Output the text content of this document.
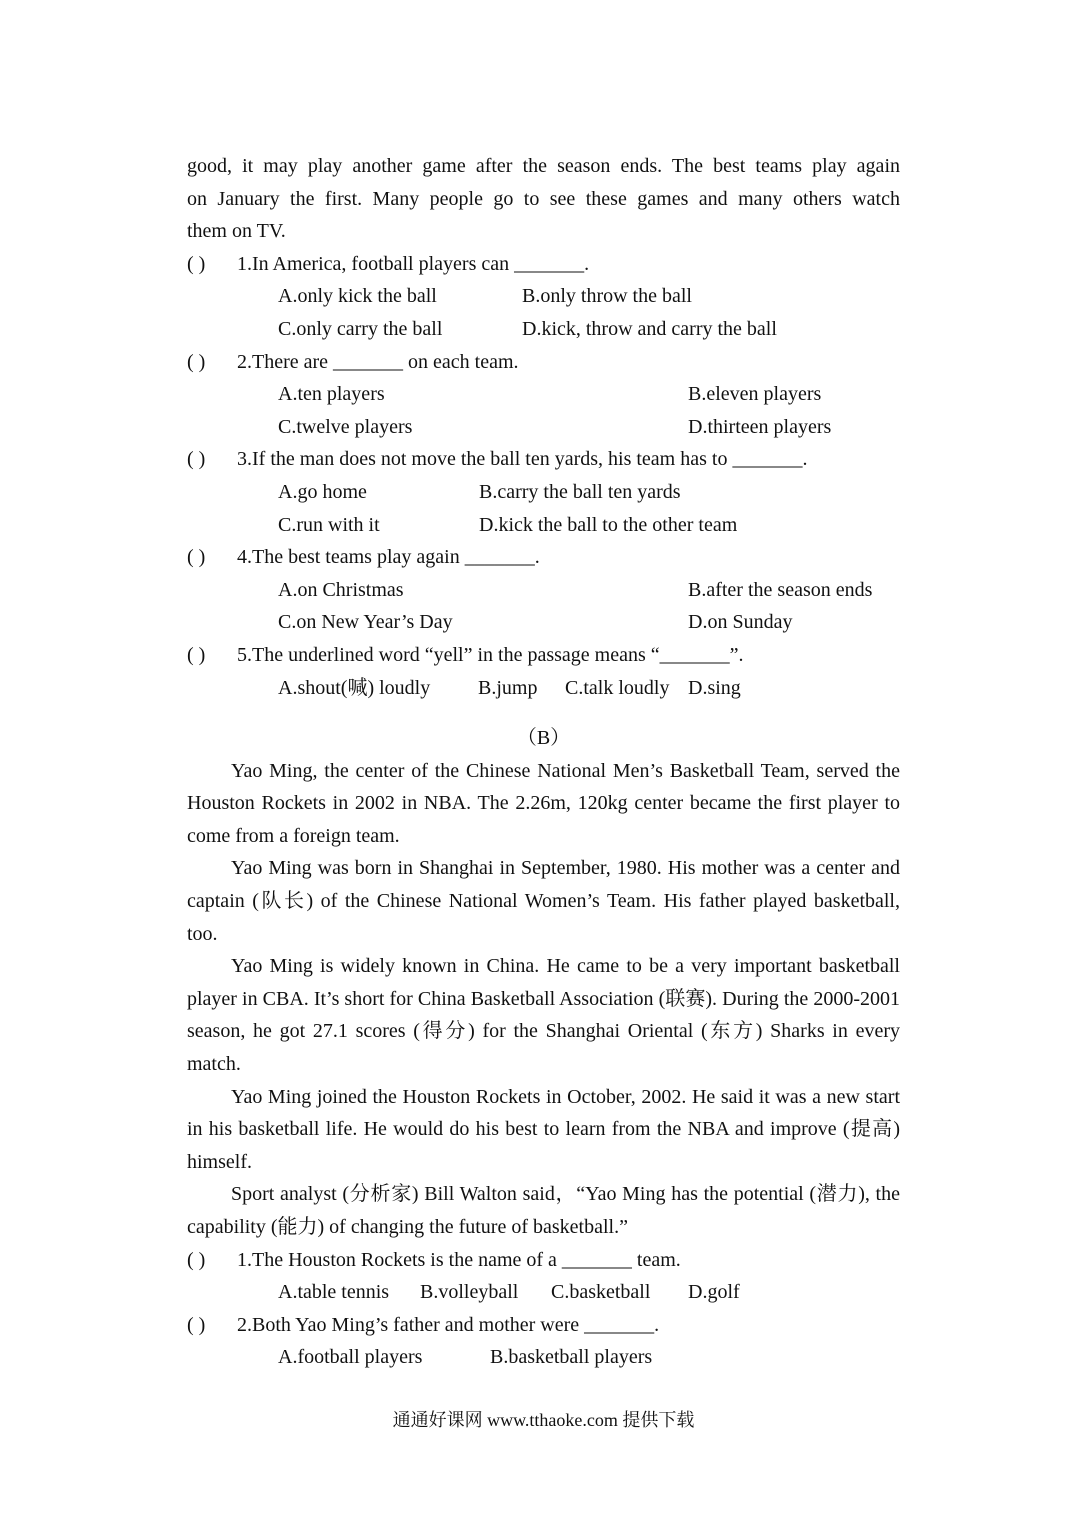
good, it may play another game after the season ends. The best teams play again

on January the first. Many people go to see these games and many others watch

them on TV.

( ) 1.In America, football players can _______.
A.only kick the ball	B.only throw the ball
C.only carry the ball	D.kick, throw and carry the ball
( ) 2.There are _______ on each team.
A.ten players	B.eleven players
C.twelve players	D.thirteen players
( ) 3.If the man does not move the ball ten yards, his team has to _______.
A.go home	B.carry the ball ten yards
C.run with it	D.kick the ball to the other team
( ) 4.The best teams play again _______.
A.on Christmas	B.after the season ends
C.on New Year’s Day	D.on Sunday
( ) 5.The underlined word “yell” in the passage means “_______”.
A.shout(喊) loudly B.jump C.talk loudly D.sing
（B）

Yao Ming, the center of the Chinese National Men’s Basketball Team, served the Houston Rockets in 2002 in NBA. The 2.26m, 120kg center became the first player to come from a foreign team.

Yao Ming was born in Shanghai in September, 1980. His mother was a center and captain (队长) of the Chinese National Women’s Team. His father played basketball, too.

Yao Ming is widely known in China. He came to be a very important basketball player in CBA. It’s short for China Basketball Association (联赛). During the 2000-2001 season, he got 27.1 scores (得分) for the Shanghai Oriental (东方) Sharks in every match.

Yao Ming joined the Houston Rockets in October, 2002. He said it was a new start in his basketball life. He would do his best to learn from the NBA and improve (提高) himself.

Sport analyst (分析家) Bill Walton said，“Yao Ming has the potential (潜力), the capability (能力) of changing the future of basketball.”

( ) 1.The Houston Rockets is the name of a _______ team.
A.table tennis B.volleyball C.basketball D.golf
( ) 2.Both Yao Ming’s father and mother were _______.
A.football players	B.basketball players
通通好课网 www.tthaoke.com 提供下载
